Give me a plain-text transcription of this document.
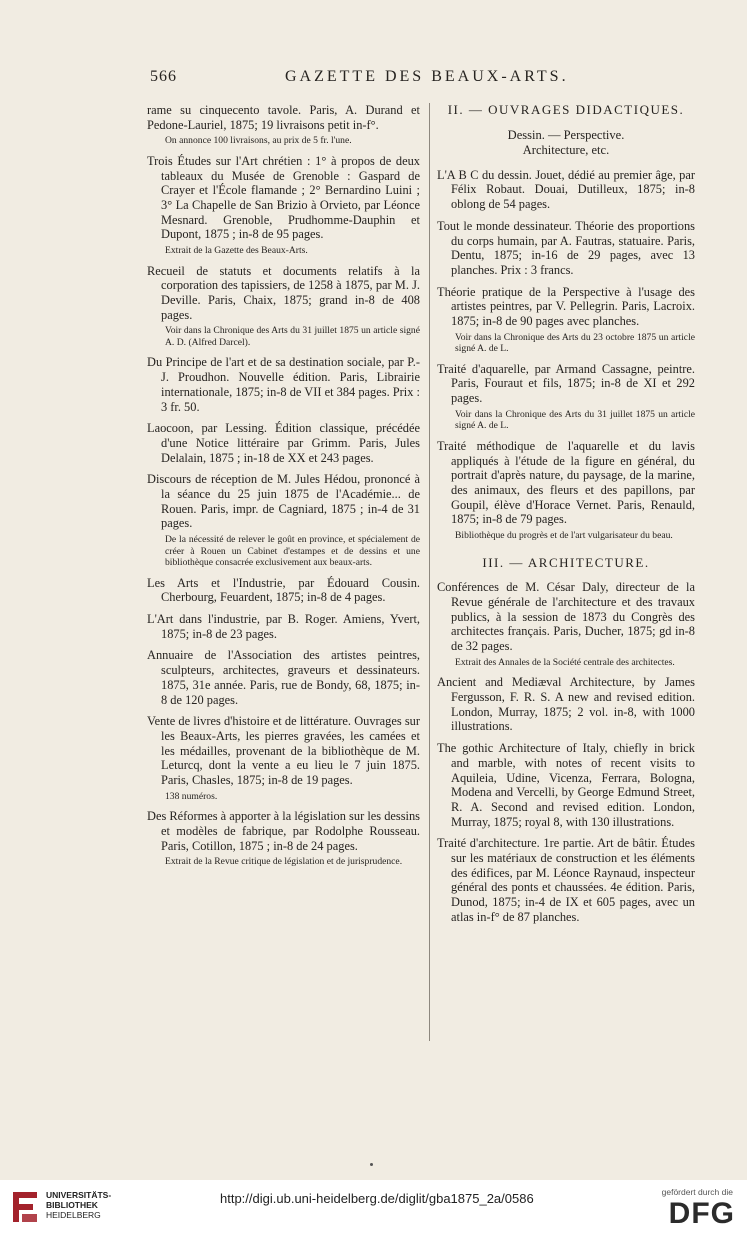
566	GAZETTE DES BEAUX-ARTS.
rame su cinquecento tavole. Paris, A. Durand et Pedone-Lauriel, 1875; 19 livraisons petit in-f°.
On annonce 100 livraisons, au prix de 5 fr. l'une.
Trois Études sur l'Art chrétien : 1° à propos de deux tableaux du Musée de Grenoble : Gaspard de Crayer et l'École flamande ; 2° Bernardino Luini ; 3° La Chapelle de San Brizio à Orvieto, par Léonce Mesnard. Grenoble, Prudhomme-Dauphin et Dupont, 1875 ; in-8 de 95 pages.
Extrait de la Gazette des Beaux-Arts.
Recueil de statuts et documents relatifs à la corporation des tapissiers, de 1258 à 1875, par M. J. Deville. Paris, Chaix, 1875; grand in-8 de 408 pages.
Voir dans la Chronique des Arts du 31 juillet 1875 un article signé A. D. (Alfred Darcel).
Du Principe de l'art et de sa destination sociale, par P.-J. Proudhon. Nouvelle édition. Paris, Librairie internationale, 1875; in-8 de VII et 384 pages. Prix : 3 fr. 50.
Laocoon, par Lessing. Édition classique, précédée d'une Notice littéraire par Grimm. Paris, Jules Delalain, 1875 ; in-18 de XX et 243 pages.
Discours de réception de M. Jules Hédou, prononcé à la séance du 25 juin 1875 de l'Académie... de Rouen. Paris, impr. de Cagniard, 1875 ; in-4 de 31 pages.
De la nécessité de relever le goût en province, et spécialement de créer à Rouen un Cabinet d'estampes et de dessins et une bibliothèque consacrée exclusivement aux beaux-arts.
Les Arts et l'Industrie, par Édouard Cousin. Cherbourg, Feuardent, 1875; in-8 de 4 pages.
L'Art dans l'industrie, par B. Roger. Amiens, Yvert, 1875; in-8 de 23 pages.
Annuaire de l'Association des artistes peintres, sculpteurs, architectes, graveurs et dessinateurs. 1875, 31e année. Paris, rue de Bondy, 68, 1875; in-8 de 120 pages.
Vente de livres d'histoire et de littérature. Ouvrages sur les Beaux-Arts, les pierres gravées, les camées et les médailles, provenant de la bibliothèque de M. Leturcq, dont la vente a eu lieu le 7 juin 1875. Paris, Chasles, 1875; in-8 de 19 pages.
138 numéros.
Des Réformes à apporter à la législation sur les dessins et modèles de fabrique, par Rodolphe Rousseau. Paris, Cotillon, 1875 ; in-8 de 24 pages.
Extrait de la Revue critique de législation et de jurisprudence.
II. — OUVRAGES DIDACTIQUES.
Dessin. — Perspective.
Architecture, etc.
L'A B C du dessin. Jouet, dédié au premier âge, par Félix Robaut. Douai, Dutilleux, 1875; in-8 oblong de 54 pages.
Tout le monde dessinateur. Théorie des proportions du corps humain, par A. Fautras, statuaire. Paris, Dentu, 1875; in-16 de 29 pages, avec 13 planches. Prix : 3 francs.
Théorie pratique de la Perspective à l'usage des artistes peintres, par V. Pellegrin. Paris, Lacroix. 1875; in-8 de 90 pages avec planches.
Voir dans la Chronique des Arts du 23 octobre 1875 un article signé A. de L.
Traité d'aquarelle, par Armand Cassagne, peintre. Paris, Fouraut et fils, 1875; in-8 de XI et 292 pages.
Voir dans la Chronique des Arts du 31 juillet 1875 un article signé A. de L.
Traité méthodique de l'aquarelle et du lavis appliqués à l'étude de la figure en général, du portrait d'après nature, du paysage, de la marine, des animaux, des fleurs et des papillons, par Goupil, élève d'Horace Vernet. Paris, Renauld, 1875; in-8 de 79 pages.
Bibliothèque du progrès et de l'art vulgarisateur du beau.
III. — ARCHITECTURE.
Conférences de M. César Daly, directeur de la Revue générale de l'architecture et des travaux publics, à la session de 1873 du Congrès des architectes français. Paris, Ducher, 1875; gd in-8 de 32 pages.
Extrait des Annales de la Société centrale des architectes.
Ancient and Mediæval Architecture, by James Fergusson, F. R. S. A new and revised edition. London, Murray, 1875; 2 vol. in-8, with 1000 illustrations.
The gothic Architecture of Italy, chiefly in brick and marble, with notes of recent visits to Aquileia, Udine, Vicenza, Ferrara, Bologna, Modena and Vercelli, by George Edmund Street, R. A. Second and revised edition. London, Murray, 1875; royal 8, with 130 illustrations.
Traité d'architecture. 1re partie. Art de bâtir. Études sur les matériaux de construction et les éléments des édifices, par M. Léonce Raynaud, inspecteur général des ponts et chaussées. 4e édition. Paris, Dunod, 1875; in-4 de IX et 605 pages, avec un atlas in-f° de 87 planches.
UNIVERSITÄTS-
BIBLIOTHEK
HEIDELBERG
http://digi.ub.uni-heidelberg.de/diglit/gba1875_2a/0586	gefördert durch die
DFG
